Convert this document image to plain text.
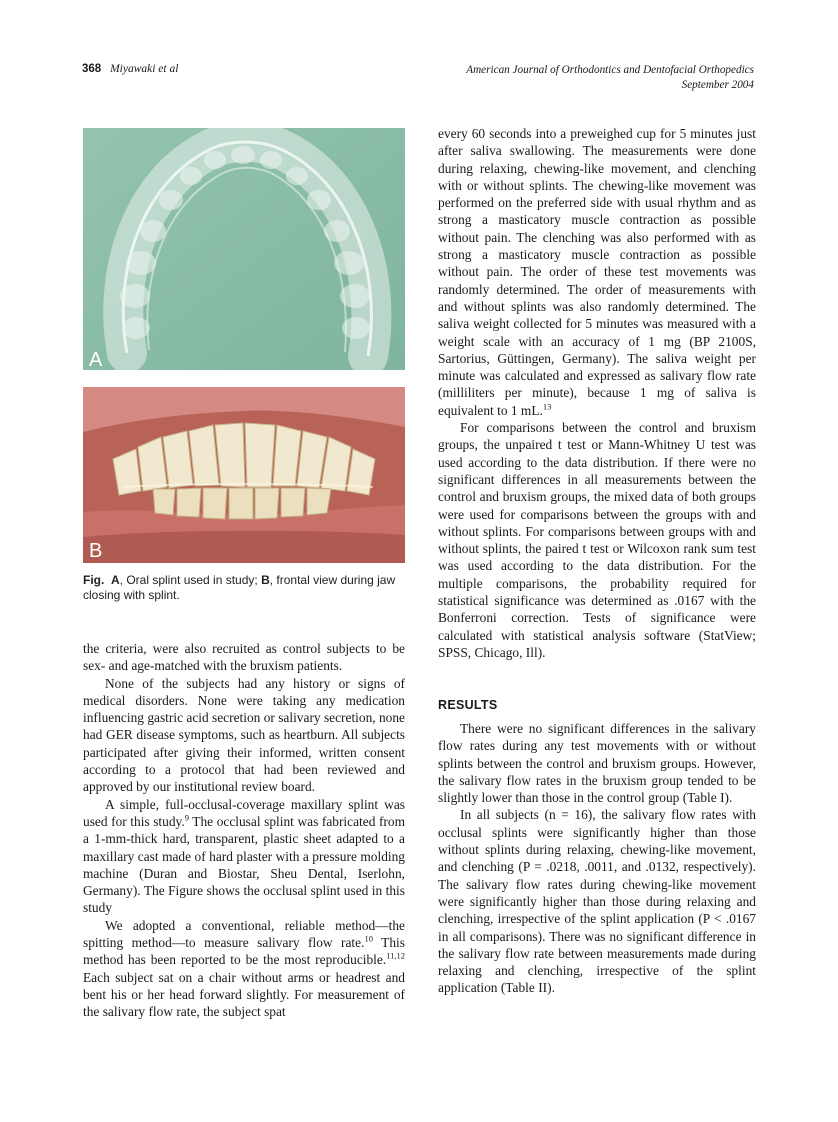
368 Miyawaki et al	American Journal of Orthodontics and Dentofacial Orthopedics
September 2004
A
B
Fig. A, Oral splint used in study; B, frontal view during jaw closing with splint.

the criteria, were also recruited as control subjects to be sex- and age-matched with the bruxism patients.

None of the subjects had any history or signs of medical disorders. None were taking any medication influencing gastric acid secretion or salivary secretion, none had GER disease symptoms, such as heartburn. All subjects participated after giving their informed, written consent according to a protocol that had been reviewed and approved by our institutional review board.

A simple, full-occlusal-coverage maxillary splint was used for this study.$^9$ The occlusal splint was fabricated from a 1-mm-thick hard, transparent, plastic sheet adapted to a maxillary cast made of hard plaster with a pressure molding machine (Duran and Biostar, Sheu Dental, Iserlohn, Germany). The Figure shows the occlusal splint used in this study

We adopted a conventional, reliable method—the spitting method—to measure salivary flow rate.$^{10}$ This method has been reported to be the most reproducible.$^{11,12}$ Each subject sat on a chair without arms or headrest and bent his or her head forward slightly. For measurement of the salivary flow rate, the subject spat

every 60 seconds into a preweighed cup for 5 minutes just after saliva swallowing. The measurements were done during relaxing, chewing-like movement, and clenching with or without splints. The chewing-like movement was performed on the preferred side with usual rhythm and as strong a masticatory muscle contraction as possible without pain. The clenching was also performed with as strong a masticatory muscle contraction as possible without pain. The order of these test movements was randomly determined. The order of measurements with and without splints was also randomly determined. The saliva weight collected for 5 minutes was measured with a weight scale with an accuracy of 1 mg (BP 2100S, Sartorius, Güttingen, Germany). The saliva weight per minute was calculated and expressed as salivary flow rate (milliliters per minute), because 1 mg of saliva is equivalent to 1 mL.$^{13}$

For comparisons between the control and bruxism groups, the unpaired t test or Mann-Whitney U test was used according to the data distribution. If there were no significant differences in all measurements between the control and bruxism groups, the mixed data of both groups were used for comparisons between the groups with and without splints. For comparisons between groups with and without splints, the paired t test or Wilcoxon rank sum test was used according to the data distribution. For the multiple comparisons, the probability required for statistical significance was determined as .0167 with the Bonferroni correction. Tests of significance were calculated with statistical analysis software (StatView; SPSS, Chicago, Ill).

RESULTS

There were no significant differences in the salivary flow rates during any test movements with or without splints between the control and bruxism groups. However, the salivary flow rates in the bruxism group tended to be slightly lower than those in the control group (Table I).

In all subjects (n = 16), the salivary flow rates with occlusal splints were significantly higher than those without splints during relaxing, chewing-like movement, and clenching (P = .0218, .0011, and .0132, respectively). The salivary flow rates during chewing-like movement were significantly higher than those during relaxing and clenching, irrespective of the splint application (P < .0167 in all comparisons). There was no significant difference in the salivary flow rate between measurements made during relaxing and clenching, irrespective of the splint application (Table II).
